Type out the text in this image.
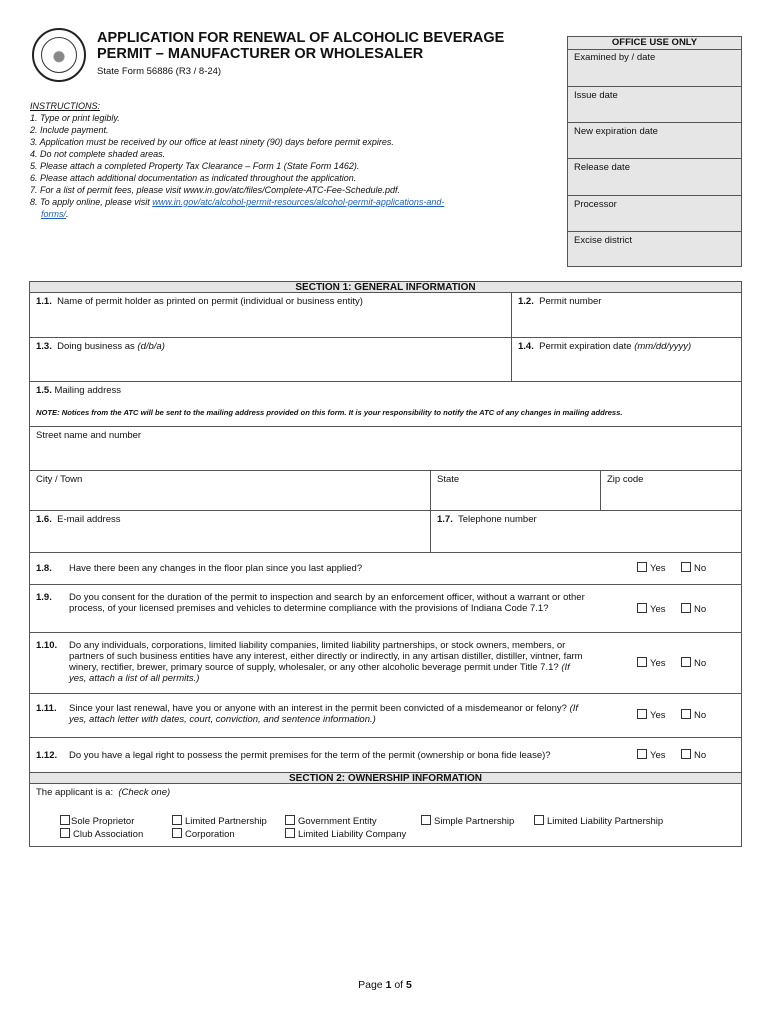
APPLICATION FOR RENEWAL OF ALCOHOLIC BEVERAGE
PERMIT – MANUFACTURER OR WHOLESALER
State Form 56886 (R3 / 8-24)
INSTRUCTIONS:
1. Type or print legibly.
2. Include payment.
3. Application must be received by our office at least ninety (90) days before permit expires.
4. Do not complete shaded areas.
5. Please attach a completed Property Tax Clearance – Form 1 (State Form 1462).
6. Please attach additional documentation as indicated throughout the application.
7. For a list of permit fees, please visit www.in.gov/atc/files/Complete-ATC-Fee-Schedule.pdf.
8. To apply online, please visit www.in.gov/atc/alcohol-permit-resources/alcohol-permit-applications-and-
forms/.
OFFICE USE ONLY
Examined by / date
Issue date
New expiration date
Release date
Processor
Excise district
SECTION 1: GENERAL INFORMATION
1.1. Name of permit holder as printed on permit (individual or business entity)	1.2. Permit number
1.3. Doing business as (d/b/a)	1.4. Permit expiration date (mm/dd/yyyy)
1.5. Mailing address
NOTE: Notices from the ATC will be sent to the mailing address provided on this form. It is your responsibility to notify the ATC of any changes in mailing address.
Street name and number
City / Town	State	Zip code
1.6. E-mail address	1.7. Telephone number
1.8. Have there been any changes in the floor plan since you last applied?	Yes	No
1.9. Do you consent for the duration of the permit to inspection and search by an enforcement officer, without a warrant or other process, of your licensed premises and vehicles to determine compliance with the provisions of Indiana Code 7.1?	Yes	No
1.10. Do any individuals, corporations, limited liability companies, limited liability partnerships, or stock owners, members, or partners of such business entities have any interest, either directly or indirectly, in any artisan distiller, distiller, vintner, farm winery, rectifier, brewer, primary source of supply, wholesaler, or any other alcoholic beverage permit under Title 7.1? (If yes, attach a list of all permits.)
Yes	No
1.11. Since your last renewal, have you or anyone with an interest in the permit been convicted of a misdemeanor or felony? (If yes, attach letter with dates, court, conviction, and sentence information.)	Yes	No
1.12. Do you have a legal right to possess the permit premises for the term of the permit (ownership or bona fide lease)?	Yes	No
SECTION 2: OWNERSHIP INFORMATION
The applicant is a: (Check one)
Sole Proprietor
Club Association
Limited Partnership
Corporation
Government Entity
Limited Liability Company
Simple Partnership	Limited Liability Partnership
Page 1 of 5
